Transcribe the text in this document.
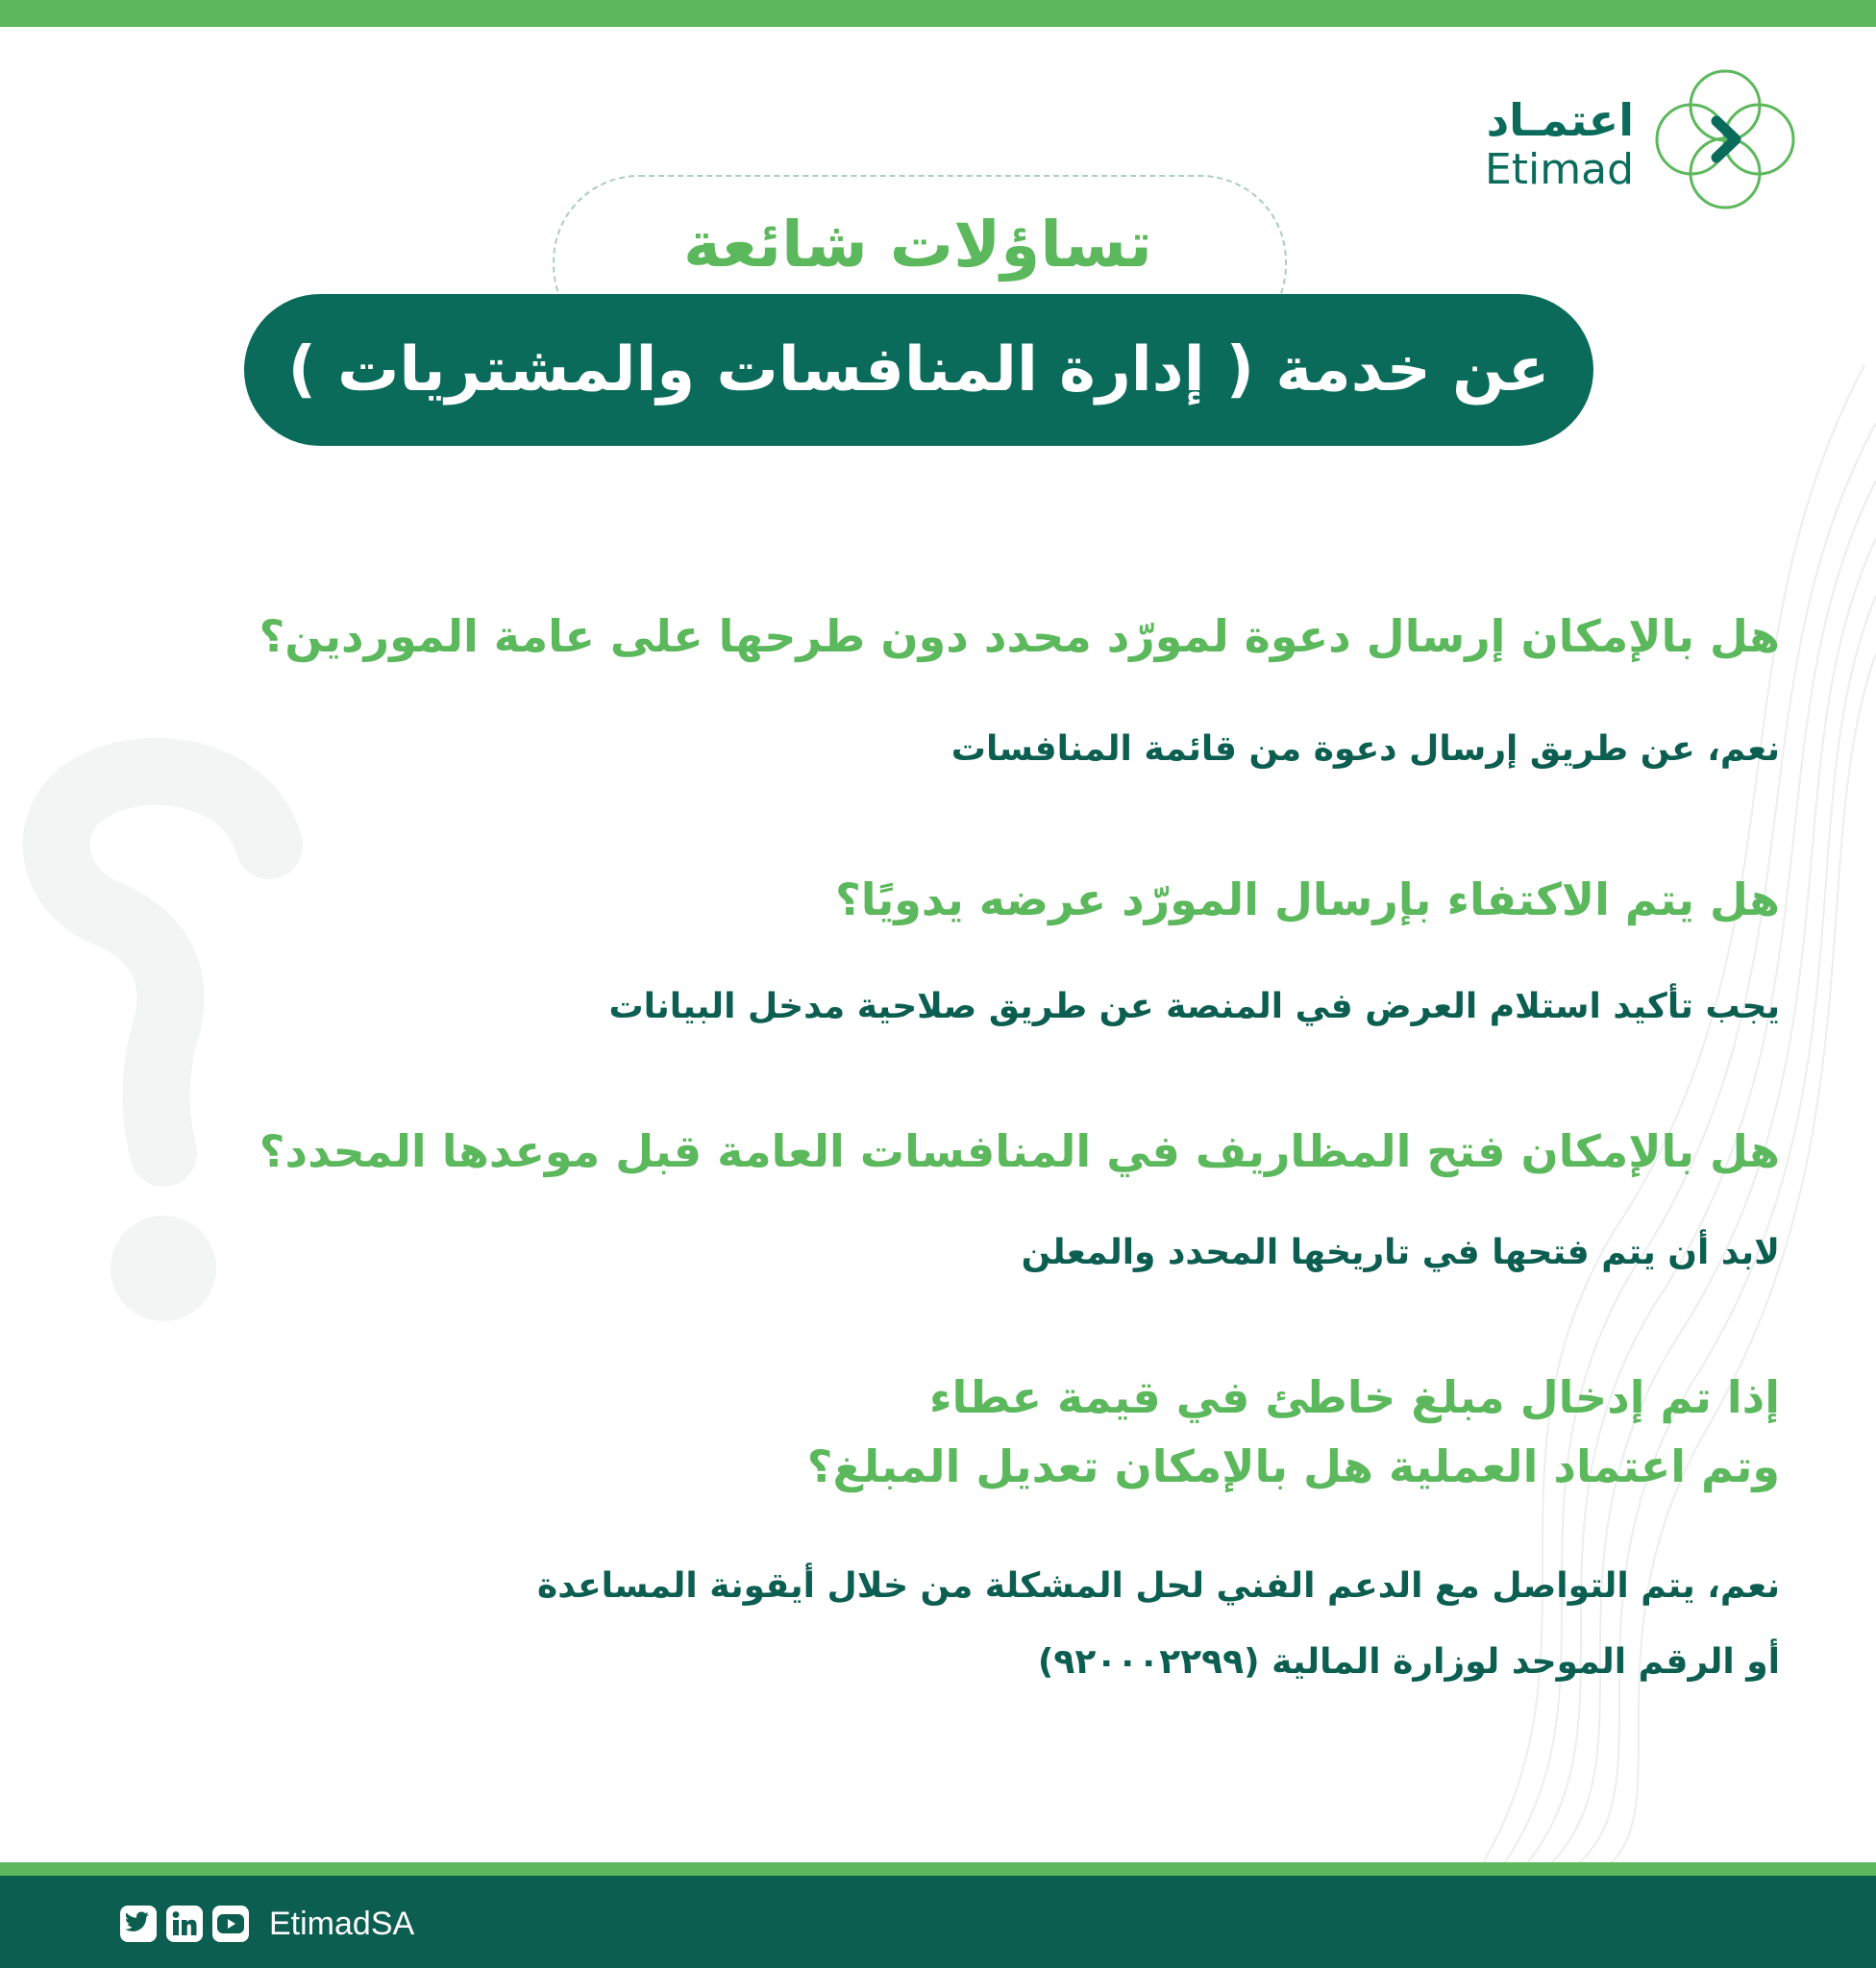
اعتمـاد
Etimad
تساؤلات شائعة
عن خدمة ( إدارة المنافسات والمشتريات )
هل بالإمكان إرسال دعوة لمورّد محدد دون طرحها على عامة الموردين؟
نعم، عن طريق إرسال دعوة من قائمة المنافسات
هل يتم الاكتفاء بإرسال المورّد عرضه يدويًا؟
يجب تأكيد استلام العرض في المنصة عن طريق صلاحية مدخل البيانات
هل بالإمكان فتح المظاريف في المنافسات العامة قبل موعدها المحدد؟
لابد أن يتم فتحها في تاريخها المحدد والمعلن
إذا تم إدخال مبلغ خاطئ في قيمة عطاء
وتم اعتماد العملية هل بالإمكان تعديل المبلغ؟
نعم، يتم التواصل مع الدعم الفني لحل المشكلة من خلال أيقونة المساعدة
أو الرقم الموحد لوزارة المالية (٩٢٠٠٠٢٢٩٩)
EtimadSA
